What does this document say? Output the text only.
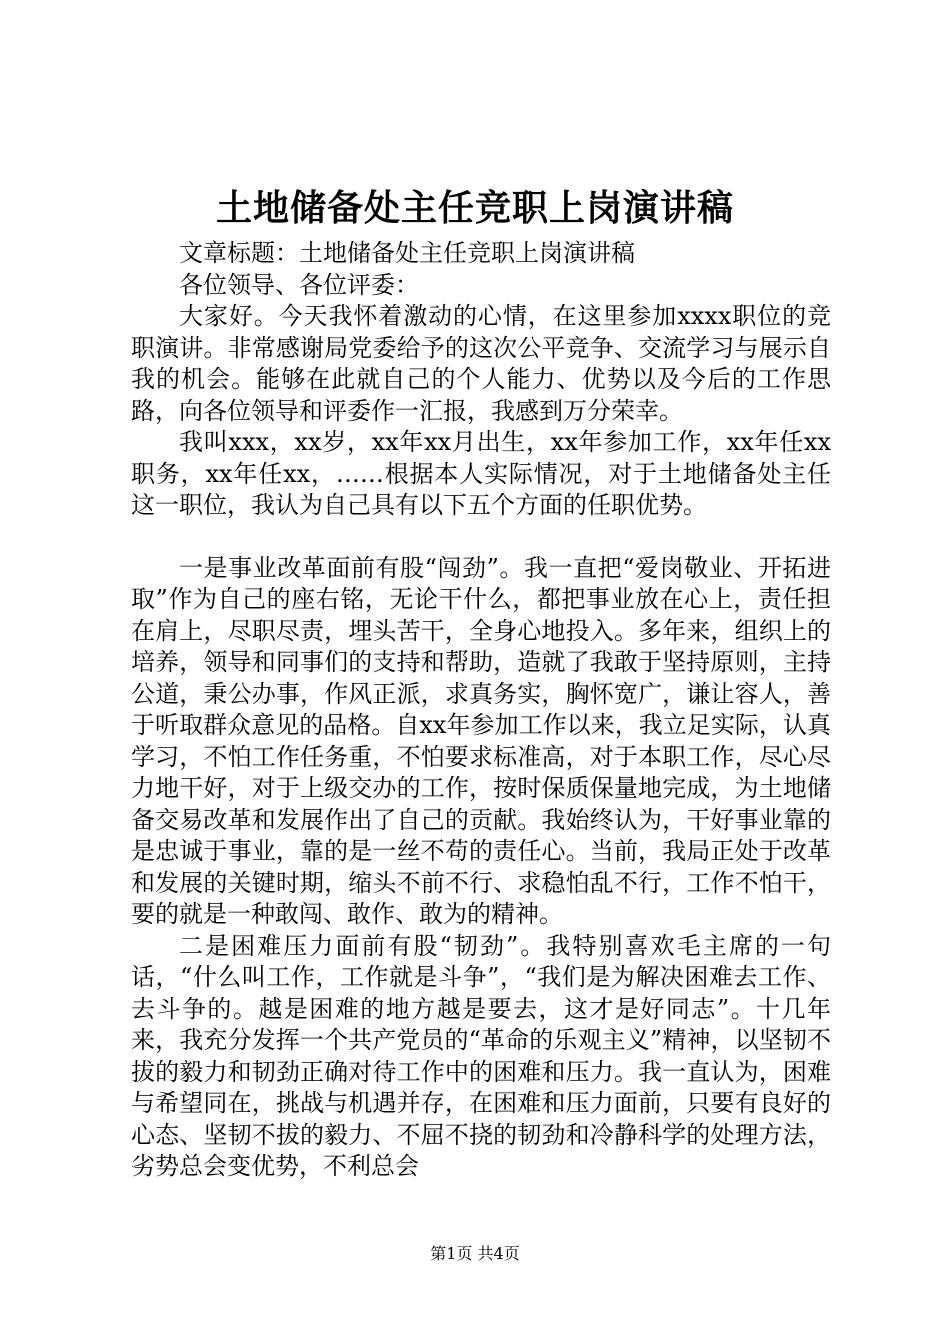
土地储备处主任竞职上岗演讲稿

文章标题：土地储备处主任竞职上岗演讲稿

各位领导、各位评委：

大家好。今天我怀着激动的心情，在这里参加xxxx职位的竞职演讲。非常感谢局党委给予的这次公平竞争、交流学习与展示自我的机会。能够在此就自己的个人能力、优势以及今后的工作思路，向各位领导和评委作一汇报，我感到万分荣幸。

我叫xxx，xx岁，xx年xx月出生，xx年参加工作，xx年任xx职务，xx年任xx，……根据本人实际情况，对于土地储备处主任这一职位，我认为自己具有以下五个方面的任职优势。

一是事业改革面前有股“闯劲”。我一直把“爱岗敬业、开拓进取”作为自己的座右铭，无论干什么，都把事业放在心上，责任担在肩上，尽职尽责，埋头苦干，全身心地投入。多年来，组织上的培养，领导和同事们的支持和帮助，造就了我敢于坚持原则，主持公道，秉公办事，作风正派，求真务实，胸怀宽广，谦让容人，善于听取群众意见的品格。自xx年参加工作以来，我立足实际，认真学习，不怕工作任务重，不怕要求标准高，对于本职工作，尽心尽力地干好，对于上级交办的工作，按时保质保量地完成，为土地储备交易改革和发展作出了自己的贡献。我始终认为，干好事业靠的是忠诚于事业，靠的是一丝不苟的责任心。当前，我局正处于改革和发展的关键时期，缩头不前不行、求稳怕乱不行，工作不怕干，要的就是一种敢闯、敢作、敢为的精神。

二是困难压力面前有股“韧劲”。我特别喜欢毛主席的一句话，“什么叫工作，工作就是斗争”，“我们是为解决困难去工作、去斗争的。越是困难的地方越是要去，这才是好同志”。十几年来，我充分发挥一个共产党员的“革命的乐观主义”精神，以坚韧不拔的毅力和韧劲正确对待工作中的困难和压力。我一直认为，困难与希望同在，挑战与机遇并存，在困难和压力面前，只要有良好的心态、坚韧不拔的毅力、不屈不挠的韧劲和冷静科学的处理方法，劣势总会变优势，不利总会

第1页 共4页
